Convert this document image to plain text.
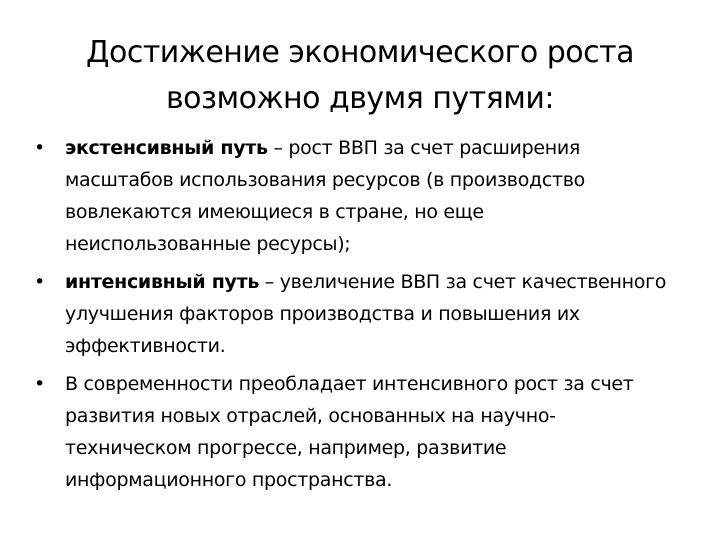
Достижение экономического роста
возможно двумя путями:
• экстенсивный путь – рост ВВП за счет расширения масштабов использования ресурсов (в производство вовлекаются имеющиеся в стране, но еще неиспользованные ресурсы);
• интенсивный путь – увеличение ВВП за счет качественного улучшения факторов производства и повышения их эффективности.
• В современности преобладает интенсивного рост за счет развития новых отраслей, основанных на научно-техническом прогрессе, например, развитие информационного пространства.
